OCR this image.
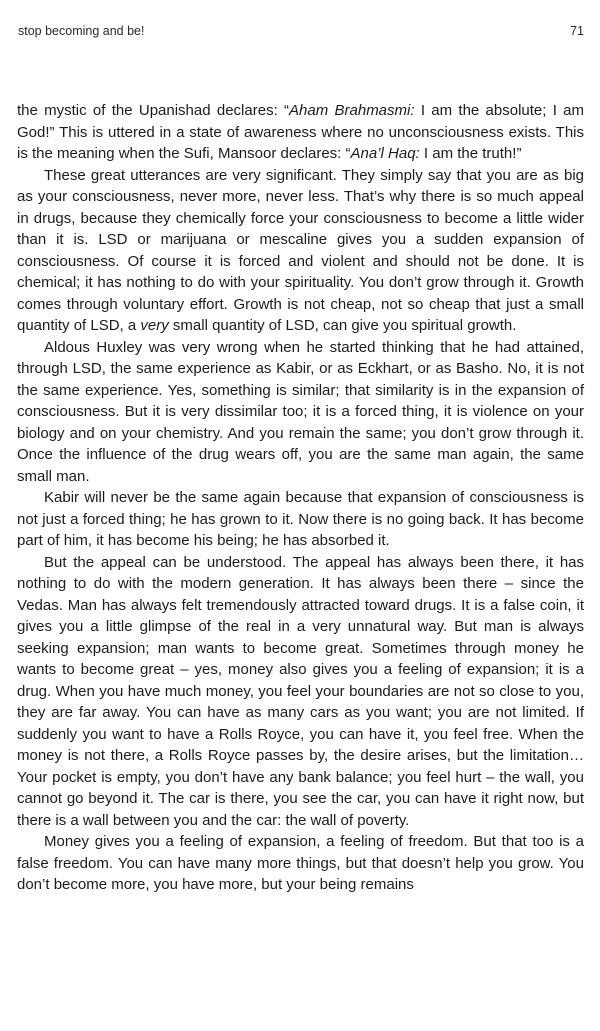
stop becoming and be!	71

the mystic of the Upanishad declares: “Aham Brahmasmi: I am the absolute; I am God!” This is uttered in a state of awareness where no unconsciousness exists. This is the meaning when the Sufi, Mansoor declares: “Ana’l Haq: I am the truth!”

These great utterances are very significant. They simply say that you are as big as your consciousness, never more, never less. That’s why there is so much appeal in drugs, because they chemically force your consciousness to become a little wider than it is. LSD or marijuana or mescaline gives you a sudden expansion of consciousness. Of course it is forced and violent and should not be done. It is chemical; it has nothing to do with your spirituality. You don’t grow through it. Growth comes through voluntary effort. Growth is not cheap, not so cheap that just a small quantity of LSD, a very small quantity of LSD, can give you spiritual growth.

Aldous Huxley was very wrong when he started thinking that he had attained, through LSD, the same experience as Kabir, or as Eckhart, or as Basho. No, it is not the same experience. Yes, something is similar; that similarity is in the expansion of consciousness. But it is very dissimilar too; it is a forced thing, it is violence on your biology and on your chemistry. And you remain the same; you don’t grow through it. Once the influence of the drug wears off, you are the same man again, the same small man.

Kabir will never be the same again because that expansion of consciousness is not just a forced thing; he has grown to it. Now there is no going back. It has become part of him, it has become his being; he has absorbed it.

But the appeal can be understood. The appeal has always been there, it has nothing to do with the modern generation. It has always been there – since the Vedas. Man has always felt tremendously attracted toward drugs. It is a false coin, it gives you a little glimpse of the real in a very unnatural way. But man is always seeking expansion; man wants to become great. Sometimes through money he wants to become great – yes, money also gives you a feeling of expansion; it is a drug. When you have much money, you feel your boundaries are not so close to you, they are far away. You can have as many cars as you want; you are not limited. If suddenly you want to have a Rolls Royce, you can have it, you feel free. When the money is not there, a Rolls Royce passes by, the desire arises, but the limitation… Your pocket is empty, you don’t have any bank balance; you feel hurt – the wall, you cannot go beyond it. The car is there, you see the car, you can have it right now, but there is a wall between you and the car: the wall of poverty.

Money gives you a feeling of expansion, a feeling of freedom. But that too is a false freedom. You can have many more things, but that doesn’t help you grow. You don’t become more, you have more, but your being remains
